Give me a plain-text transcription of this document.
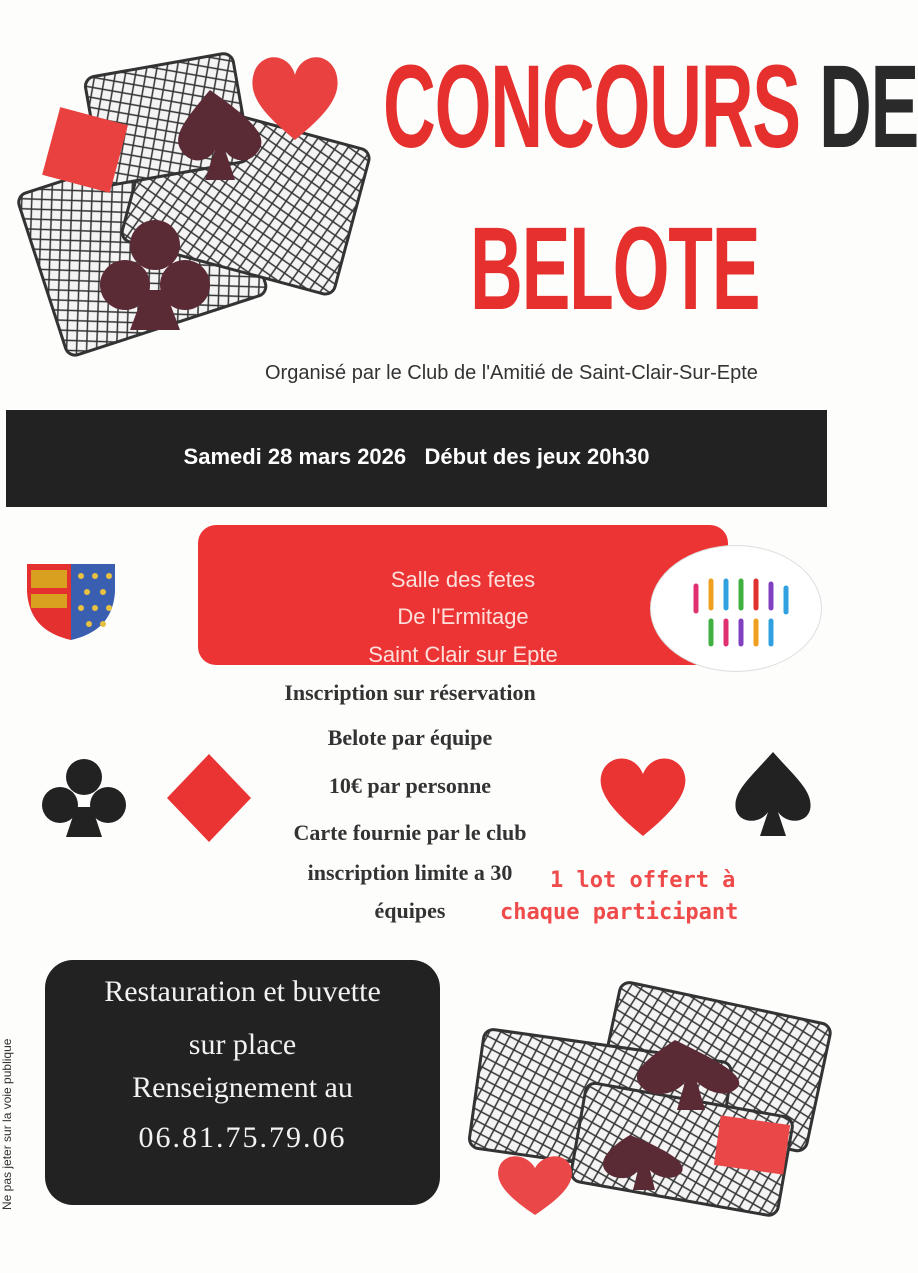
CONCOURS DE
BELOTE
Organisé par le Club de l'Amitié de Saint-Clair-Sur-Epte
Samedi 28 mars 2026   Début des jeux 20h30
Salle des fetes
De l'Ermitage
Saint Clair sur Epte
Inscription sur réservation
Belote par équipe
10€ par personne
Carte fournie par le club
inscription limite a 30
équipes
1 lot offert à
chaque participant
Restauration et buvette
sur place
Renseignement au
06.81.75.79.06
Ne pas jeter sur la voie publique
